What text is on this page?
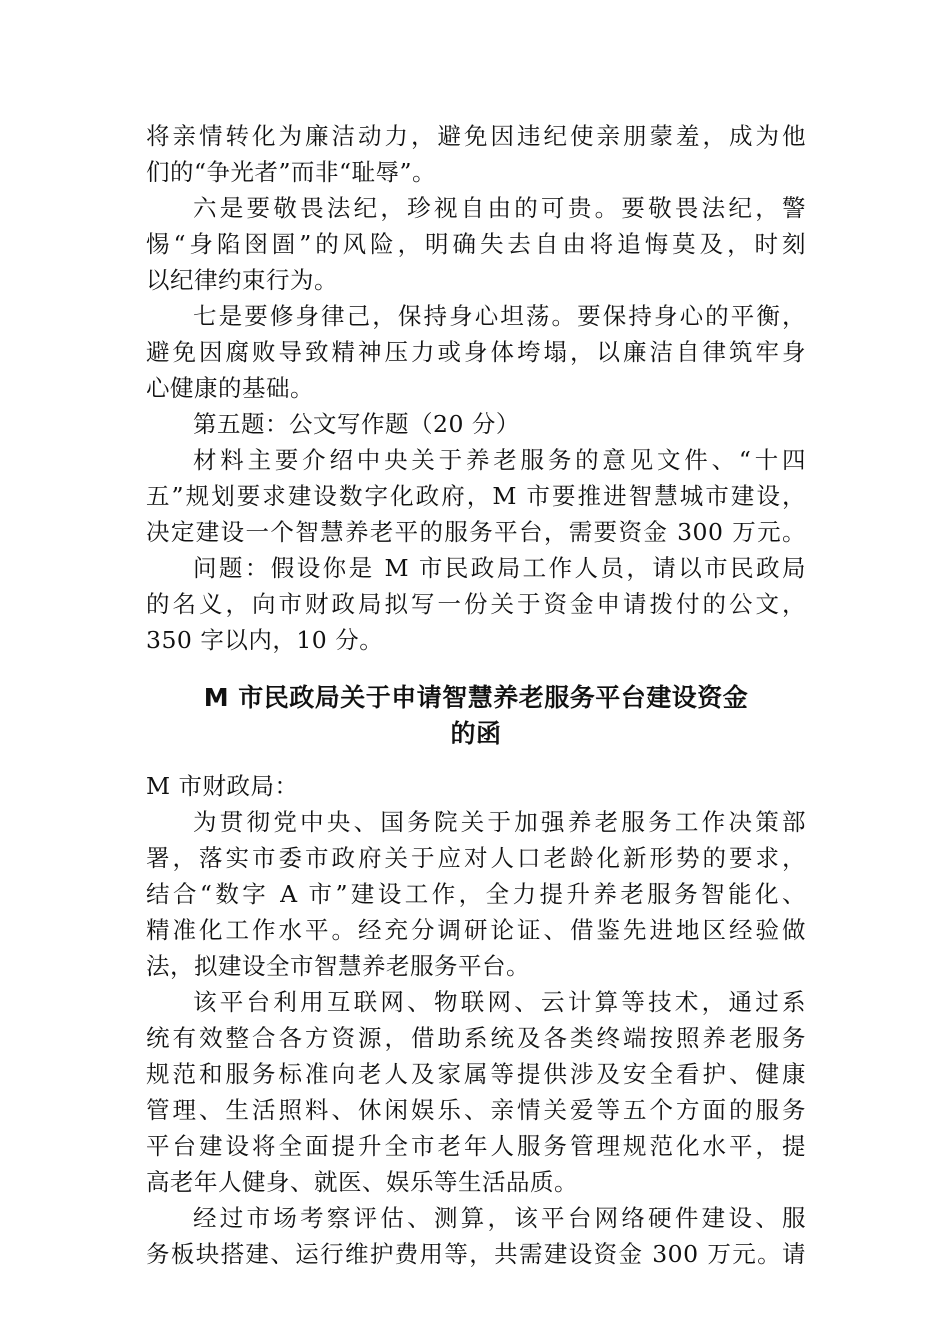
将亲情转化为廉洁动力，避免因违纪使亲朋蒙羞，成为他
们的“争光者”而非“耻辱”。
六是要敬畏法纪，珍视自由的可贵。要敬畏法纪，警
惕“身陷囹圄”的风险，明确失去自由将追悔莫及，时刻
以纪律约束行为。
七是要修身律己，保持身心坦荡。要保持身心的平衡，
避免因腐败导致精神压力或身体垮塌，以廉洁自律筑牢身
心健康的基础。
第五题：公文写作题（20 分）
材料主要介绍中央关于养老服务的意见文件、“十四
五”规划要求建设数字化政府，M 市要推进智慧城市建设，
决定建设一个智慧养老平的服务平台，需要资金 300 万元。
问题：假设你是 M 市民政局工作人员，请以市民政局
的名义，向市财政局拟写一份关于资金申请拨付的公文，
350 字以内，10 分。
M 市民政局关于申请智慧养老服务平台建设资金
的函
M 市财政局：
为贯彻党中央、国务院关于加强养老服务工作决策部
署，落实市委市政府关于应对人口老龄化新形势的要求，
结合“数字 A 市”建设工作，全力提升养老服务智能化、
精准化工作水平。经充分调研论证、借鉴先进地区经验做
法，拟建设全市智慧养老服务平台。
该平台利用互联网、物联网、云计算等技术，通过系
统有效整合各方资源，借助系统及各类终端按照养老服务
规范和服务标准向老人及家属等提供涉及安全看护、健康
管理、生活照料、休闲娱乐、亲情关爱等五个方面的服务
平台建设将全面提升全市老年人服务管理规范化水平，提
高老年人健身、就医、娱乐等生活品质。
经过市场考察评估、测算，该平台网络硬件建设、服
务板块搭建、运行维护费用等，共需建设资金 300 万元。请
